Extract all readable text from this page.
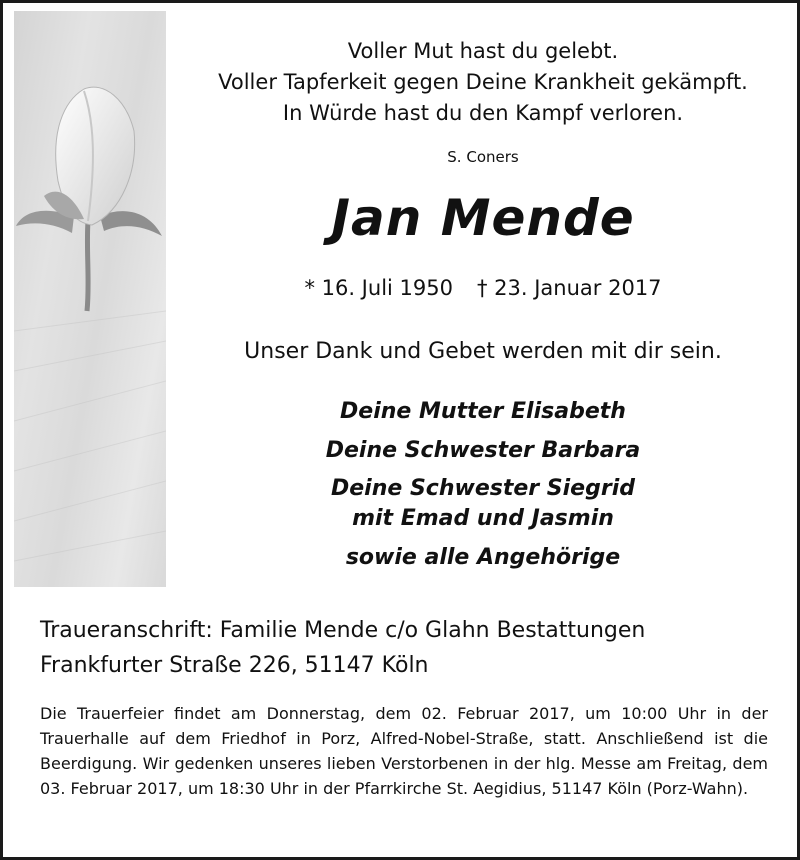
Voller Mut hast du gelebt.
Voller Tapferkeit gegen Deine Krankheit gekämpft.
In Würde hast du den Kampf verloren.
S. Coners
Jan Mende
* 16. Juli 1950 † 23. Januar 2017
Unser Dank und Gebet werden mit dir sein.
Deine Mutter Elisabeth
Deine Schwester Barbara
Deine Schwester Siegrid
mit Emad und Jasmin
sowie alle Angehörige
Traueranschrift: Familie Mende c/o Glahn Bestattungen
Frankfurter Straße 226, 51147 Köln
Die Trauerfeier findet am Donnerstag, dem 02. Februar 2017, um 10:00 Uhr in der Trauerhalle auf dem Friedhof in Porz, Alfred-Nobel-Straße, statt. Anschließend ist die Beerdigung. Wir gedenken unseres lieben Verstorbenen in der hlg. Messe am Freitag, dem 03. Februar 2017, um 18:30 Uhr in der Pfarrkirche St. Aegidius, 51147 Köln (Porz-Wahn).
